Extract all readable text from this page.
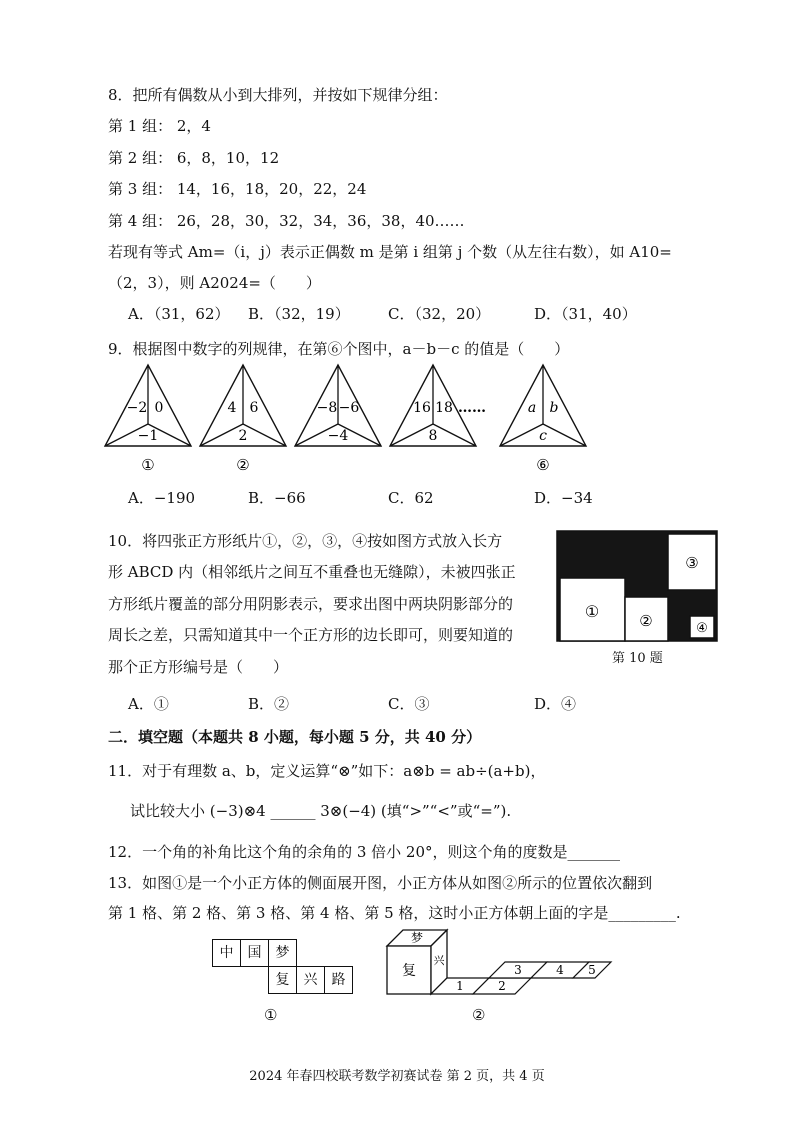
8．把所有偶数从小到大排列，并按如下规律分组：
第 1 组： 2，4
第 2 组： 6，8，10，12
第 3 组： 14，16，18，20，22，24
第 4 组： 26，28，30，32，34，36，38，40……
若现有等式 Am=（i，j）表示正偶数 m 是第 i 组第 j 个数（从左往右数），如 A10=
（2，3），则 A2024=（　　）
A．（31，62） B．（32，19）	C．（32，20）	D．（31，40）
9．根据图中数字的列规律，在第⑥个图中，a－b－c 的值是（　　）
−2 0
−1
①
4 6
2
②
−8 −6
−4
16 18
8
a b
c
⑥
……
A．−190	B．−66	C．62	D．−34
10．将四张正方形纸片①，②，③，④按如图方式放入长方
形 ABCD 内（相邻纸片之间互不重叠也无缝隙），未被四张正
方形纸片覆盖的部分用阴影表示，要求出图中两块阴影部分的
周长之差，只需知道其中一个正方形的边长即可，则要知道的
那个正方形编号是（　　）
①	②
③
④
第 10 题
A．①	B．②	C．③	D．④
二．填空题（本题共 8 小题，每小题 5 分，共 40 分）
11．对于有理数 a、b，定义运算“⊗”如下：a⊗b = ab÷(a+b)，
试比较大小 (−3)⊗4 ______ 3⊗(−4) (填“>”“<”或“=”).
12．一个角的补角比这个角的余角的 3 倍小 20°，则这个角的度数是_______
13．如图①是一个小正方体的侧面展开图，小正方体从如图②所示的位置依次翻到
第 1 格、第 2 格、第 3 格、第 4 格、第 5 格，这时小正方体朝上面的字是_________.
中	国	梦
复	兴	路
①
梦
复
兴
1	2
3	4 5
②
2024 年春四校联考数学初赛试卷 第 2 页，共 4 页
